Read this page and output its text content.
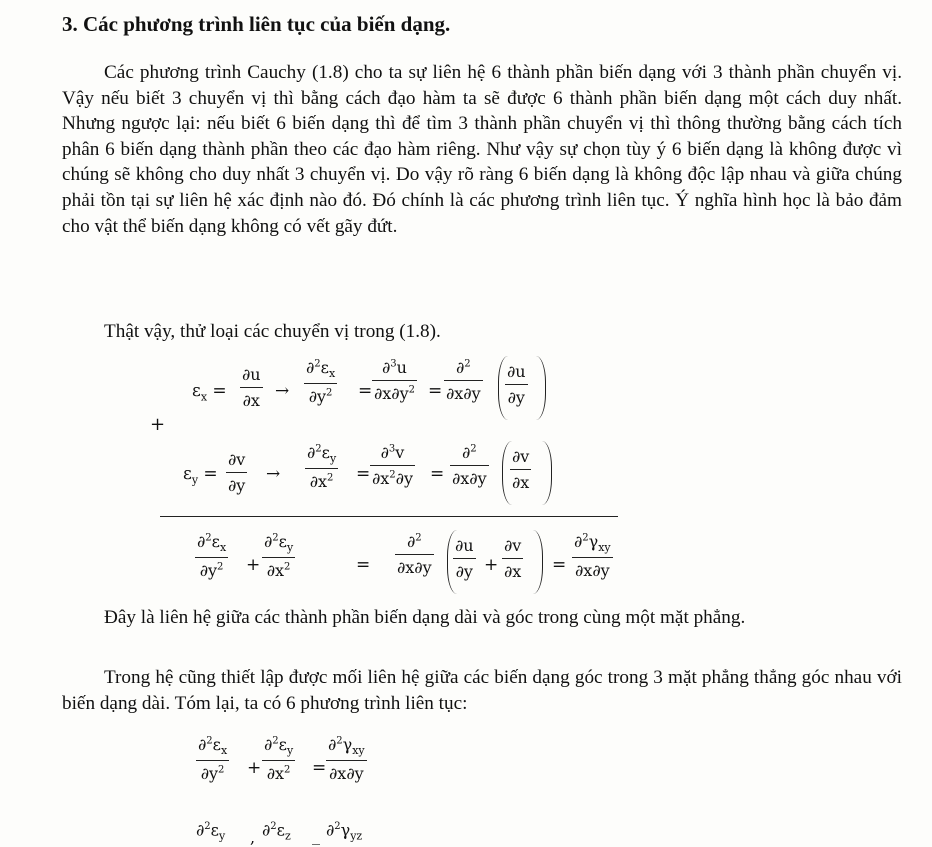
3. Các phương trình liên tục của biến dạng.

Các phương trình Cauchy (1.8) cho ta sự liên hệ 6 thành phần biến dạng với 3 thành phần chuyển vị. Vậy nếu biết 3 chuyển vị thì bằng cách đạo hàm ta sẽ được 6 thành phần biến dạng một cách duy nhất. Nhưng ngược lại: nếu biết 6 biến dạng thì để tìm 3 thành phần chuyển vị thì thông thường bằng cách tích phân 6 biến dạng thành phần theo các đạo hàm riêng. Như vậy sự chọn tùy ý 6 biến dạng là không được vì chúng sẽ không cho duy nhất 3 chuyển vị. Do vậy rõ ràng 6 biến dạng là không độc lập nhau và giữa chúng phải tồn tại sự liên hệ xác định nào đó. Đó chính là các phương trình liên tục. Ý nghĩa hình học là bảo đảm cho vật thể biến dạng không có vết gãy đứt.

Thật vậy, thử loại các chuyển vị trong (1.8).

$\varepsilon_x = \frac{\partial u}{\partial x} \to \frac{\partial^2\varepsilon_x}{\partial y^2} = \frac{\partial^3u}{\partial x\partial y^2} = \frac{\partial^2}{\partial x\partial y} \frac{\partial u}{\partial y}$
+
$\varepsilon_y = \frac{\partial v}{\partial y} \to \frac{\partial^2\varepsilon_y}{\partial x^2} = \frac{\partial^3v}{\partial x^2\partial y} = \frac{\partial^2}{\partial x\partial y} \frac{\partial v}{\partial x}$
$\frac{\partial^2\varepsilon_x}{\partial y^2} + \frac{\partial^2\varepsilon_y}{\partial x^2}$	= $\frac{\partial^2}{\partial x\partial y} \frac{\partial u}{\partial y} + \frac{\partial v}{\partial x}$ =
$\partial^2\gamma_{xy}$
∂x∂y

Đây là liên hệ giữa các thành phần biến dạng dài và góc trong cùng một mặt phẳng.

Trong hệ cũng thiết lập được mối liên hệ giữa các biến dạng góc trong 3 mặt phẳng thẳng góc nhau với biến dạng dài. Tóm lại, ta có 6 phương trình liên tục:

$\frac{\partial^2\varepsilon_x}{\partial y^2} + \frac{\partial^2\varepsilon_y}{\partial x^2}$ =
$\partial^2\gamma_{xy}$
∂x∂y
$\partial^2\varepsilon_y$ , $\partial^2\varepsilon_z$ _ $\partial^2\gamma_{yz}$
